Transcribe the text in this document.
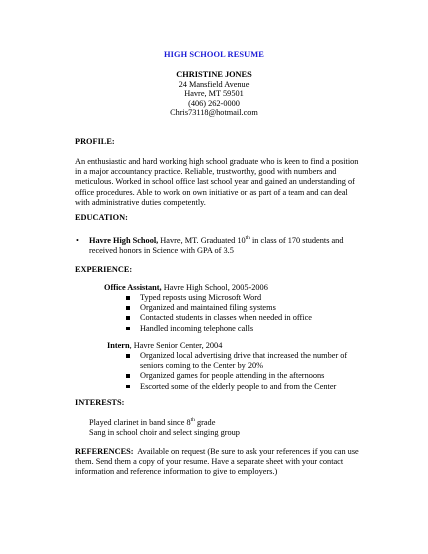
HIGH SCHOOL RESUME
CHRISTINE JONES
24 Mansfield Avenue
Havre, MT 59501
(406) 262-0000
Chris73118@hotmail.com
PROFILE:
An enthusiastic and hard working high school graduate who is keen to find a position
in a major accountancy practice. Reliable, trustworthy, good with numbers and
meticulous. Worked in school office last school year and gained an understanding of
office procedures. Able to work on own initiative or as part of a team and can deal
with administrative duties competently.
EDUCATION:
• Havre High School, Havre, MT. Graduated 10th in class of 170 students and
received honors in Science with GPA of 3.5
EXPERIENCE:
Office Assistant, Havre High School, 2005-2006
Typed reposts using Microsoft Word
Organized and maintained filing systems
Contacted students in classes when needed in office
Handled incoming telephone calls
Intern, Havre Senior Center, 2004
Organized local advertising drive that increased the number of
seniors coming to the Center by 20%
Organized games for people attending in the afternoons
Escorted some of the elderly people to and from the Center
INTERESTS:
Played clarinet in band since 8th grade
Sang in school choir and select singing group
REFERENCES: Available on request (Be sure to ask your references if you can use
them. Send them a copy of your resume. Have a separate sheet with your contact
information and reference information to give to employers.)
